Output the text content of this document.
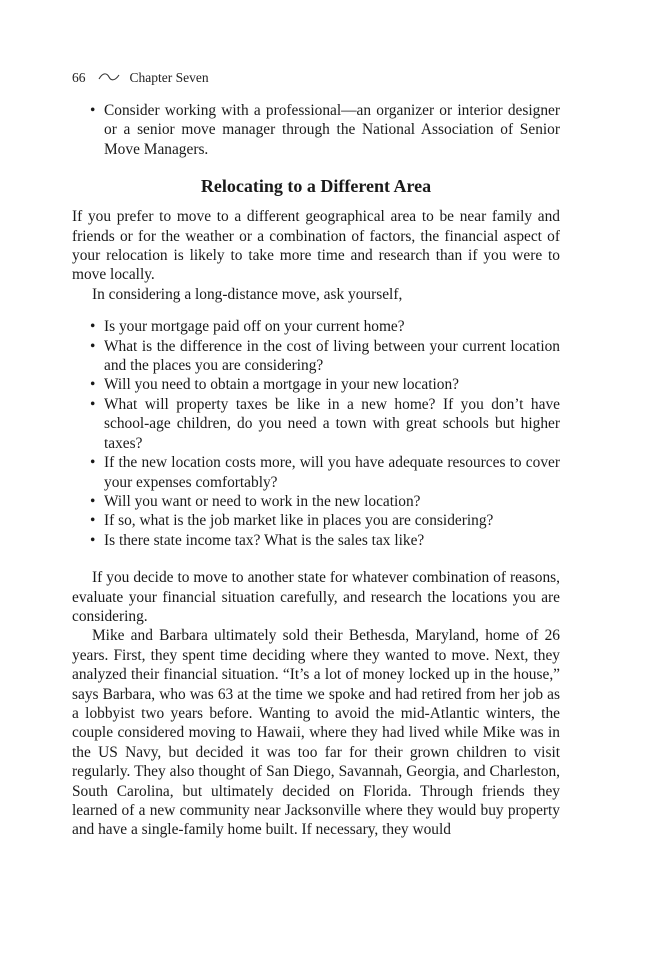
66	Chapter Seven
• Consider working with a professional—an organizer or interior designer or a senior move manager through the National Association of Senior Move Managers.
Relocating to a Different Area

If you prefer to move to a different geographical area to be near family and friends or for the weather or a combination of factors, the financial aspect of your relocation is likely to take more time and research than if you were to move locally.

In considering a long-distance move, ask yourself,

• Is your mortgage paid off on your current home?
• What is the difference in the cost of living between your current location and the places you are considering?
• Will you need to obtain a mortgage in your new location?
• What will property taxes be like in a new home? If you don’t have school-age children, do you need a town with great schools but higher taxes?
• If the new location costs more, will you have adequate resources to cover your expenses comfortably?
• Will you want or need to work in the new location?
• If so, what is the job market like in places you are considering?
• Is there state income tax? What is the sales tax like?

If you decide to move to another state for whatever combination of reasons, evaluate your financial situation carefully, and research the locations you are considering.

Mike and Barbara ultimately sold their Bethesda, Maryland, home of 26 years. First, they spent time deciding where they wanted to move. Next, they analyzed their financial situation. “It’s a lot of money locked up in the house,” says Barbara, who was 63 at the time we spoke and had retired from her job as a lobbyist two years before. Wanting to avoid the mid-Atlantic winters, the couple considered moving to Hawaii, where they had lived while Mike was in the US Navy, but decided it was too far for their grown children to visit regularly. They also thought of San Diego, Savannah, Georgia, and Charleston, South Carolina, but ultimately decided on Florida. Through friends they learned of a new community near Jacksonville where they would buy property and have a single-family home built. If necessary, they would
